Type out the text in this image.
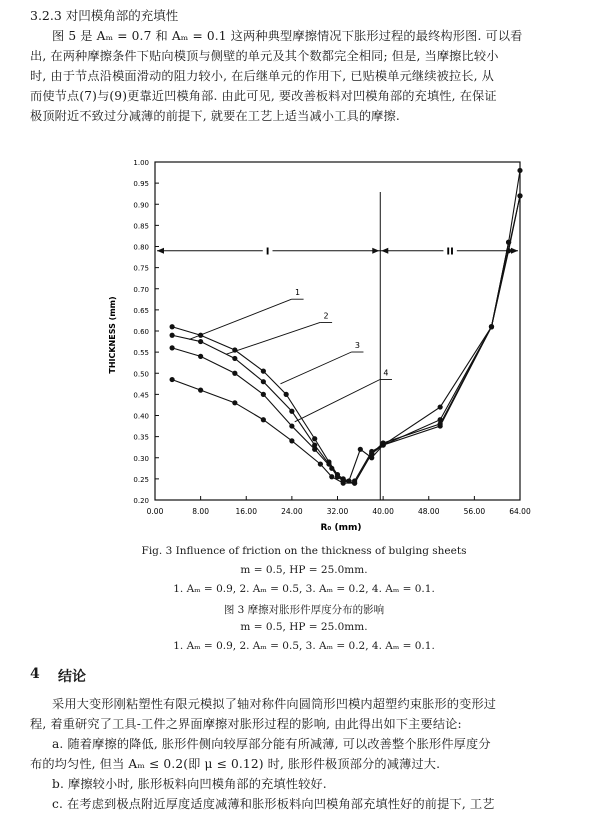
3.2.3 对凹模角部的充填性
图 5 是 Aₘ = 0.7 和 Aₘ = 0.1 这两种典型摩擦情况下胀形过程的最终构形图. 可以看
出, 在两种摩擦条件下贴向模顶与侧壁的单元及其个数都完全相同; 但是, 当摩擦比较小
时, 由于节点沿模面滑动的阻力较小, 在后继单元的作用下, 已贴模单元继续被拉长, 从
而使节点(7)与(9)更靠近凹模角部. 由此可见, 要改善板料对凹模角部的充填性, 在保证
极顶附近不致过分减薄的前提下, 就要在工艺上适当减小工具的摩擦.
0.00	8.00	16.00	24.00	32.00	40.00	48.00	56.00	64.00
0.20
0.25
0.30
0.35
0.40
0.45
0.50
0.55
0.60
0.65
0.70
0.75
0.80
0.85
0.90
0.95
1.00
I	II
1
2
3
4
R₀ (mm)
THICKNESS (mm)
Fig. 3 Influence of friction on the thickness of bulging sheets
m = 0.5, HP = 25.0mm.
1. Aₘ = 0.9, 2. Aₘ = 0.5, 3. Aₘ = 0.2, 4. Aₘ = 0.1.
图 3 摩擦对胀形件厚度分布的影响
m = 0.5, HP = 25.0mm.
1. Aₘ = 0.9, 2. Aₘ = 0.5, 3. Aₘ = 0.2, 4. Aₘ = 0.1.
4 结论
采用大变形刚粘塑性有限元模拟了轴对称件向圆筒形凹模内超塑约束胀形的变形过
程, 着重研究了工具-工件之界面摩擦对胀形过程的影响, 由此得出如下主要结论:
a. 随着摩擦的降低, 胀形件侧向较厚部分能有所减薄, 可以改善整个胀形件厚度分
布的均匀性, 但当 Aₘ ≤ 0.2(即 μ ≤ 0.12) 时, 胀形件极顶部分的减薄过大.
b. 摩擦较小时, 胀形板料向凹模角部的充填性较好.
c. 在考虑到极点附近厚度适度减薄和胀形板料向凹模角部充填性好的前提下, 工艺
